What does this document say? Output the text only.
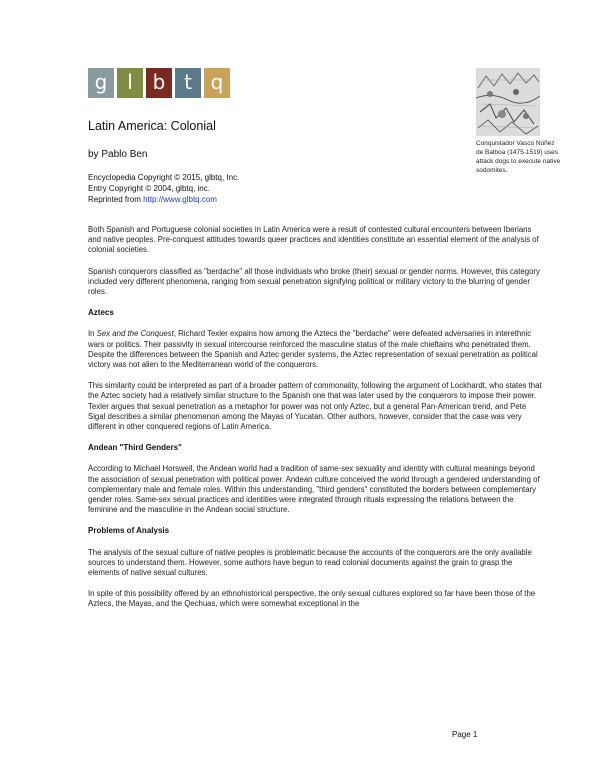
g l b t q
Latin America: Colonial
by Pablo Ben
Encyclopedia Copyright © 2015, glbtq, Inc.
Entry Copyright © 2004, glbtq, inc.
Reprinted from http://www.glbtq.com
Conquistador Vasco Núñez de Balboa (1475-1519) uses attack dogs to execute native sodomites.

Both Spanish and Portuguese colonial societies in Latin America were a result of contested cultural encounters between Iberians and native peoples. Pre-conquest attitudes towards queer practices and identities constitute an essential element of the analysis of colonial societies.

Spanish conquerors classified as "berdache" all those individuals who broke (their) sexual or gender norms. However, this category included very different phenomena, ranging from sexual penetration signifying political or military victory to the blurring of gender roles.

Aztecs

In Sex and the Conquest, Richard Texler expains how among the Aztecs the "berdache" were defeated adversaries in interethnic wars or politics. Their passivity in sexual intercourse reinforced the masculine status of the male chieftains who penetrated them. Despite the differences between the Spanish and Aztec gender systems, the Aztec representation of sexual penetration as political victory was not alien to the Mediterranean world of the conquerors.

This similarity could be interpreted as part of a broader pattern of commonality, following the argument of Lockhardt, who states that the Aztec society had a relatively similar structure to the Spanish one that was later used by the conquerors to impose their power. Texler argues that sexual penetration as a metaphor for power was not only Aztec, but a general Pan-American trend, and Pete Sigal describes a similar phenomenon among the Mayas of Yucatan. Other authors, however, consider that the case was very different in other conquered regions of Latin America.

Andean "Third Genders"

According to Michael Horswell, the Andean world had a tradition of same-sex sexuality and identity with cultural meanings beyond the association of sexual penetration with political power. Andean culture conceived the world through a gendered understanding of complementary male and female roles. Within this understanding, "third genders" constituted the borders between complementary gender roles. Same-sex sexual practices and identities were integrated through rituals expressing the relations between the feminine and the masculine in the Andean social structure.

Problems of Analysis

The analysis of the sexual culture of native peoples is problematic because the accounts of the conquerors are the only available sources to understand them. However, some authors have begun to read colonial documents against the grain to grasp the elements of native sexual cultures.

In spite of this possibility offered by an ethnohistorical perspective, the only sexual cultures explored so far have been those of the Aztecs, the Mayas, and the Qechuas, which were somewhat exceptional in the

Page 1
